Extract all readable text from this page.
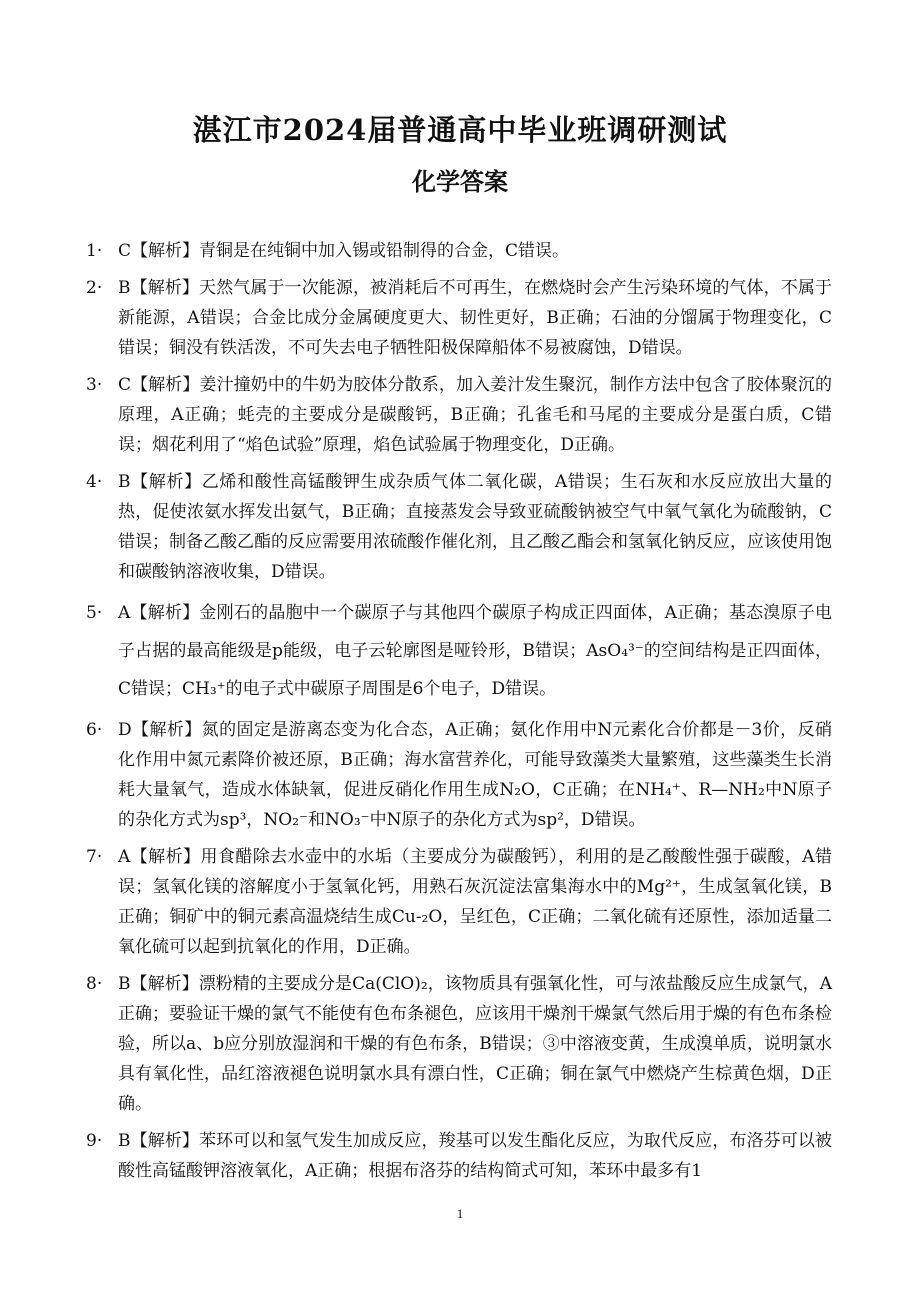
湛江市2024届普通高中毕业班调研测试
化学答案
1· C【解析】青铜是在纯铜中加入锡或铅制得的合金，C错误。
2· B【解析】天然气属于一次能源，被消耗后不可再生，在燃烧时会产生污染环境的气体，不属于新能源，A错误；合金比成分金属硬度更大、韧性更好，B正确；石油的分馏属于物理变化，C错误；铜没有铁活泼，不可失去电子牺牲阳极保障船体不易被腐蚀，D错误。
3· C【解析】姜汁撞奶中的牛奶为胶体分散系，加入姜汁发生聚沉，制作方法中包含了胶体聚沉的原理，A正确；蚝壳的主要成分是碳酸钙，B正确；孔雀毛和马尾的主要成分是蛋白质，C错误；烟花利用了“焰色试验”原理，焰色试验属于物理变化，D正确。
4· B【解析】乙烯和酸性高锰酸钾生成杂质气体二氧化碳，A错误；生石灰和水反应放出大量的热，促使浓氨水挥发出氨气，B正确；直接蒸发会导致亚硫酸钠被空气中氧气氧化为硫酸钠，C错误；制备乙酸乙酯的反应需要用浓硫酸作催化剂，且乙酸乙酯会和氢氧化钠反应，应该使用饱和碳酸钠溶液收集，D错误。
5· A【解析】金刚石的晶胞中一个碳原子与其他四个碳原子构成正四面体，A正确；基态溴原子电子占据的最高能级是p能级，电子云轮廓图是哑铃形，B错误；AsO₄³⁻的空间结构是正四面体，C错误；CH₃⁺的电子式中碳原子周围是6个电子，D错误。
6· D【解析】氮的固定是游离态变为化合态，A正确；氨化作用中N元素化合价都是－3价，反硝化作用中氮元素降价被还原，B正确；海水富营养化，可能导致藻类大量繁殖，这些藻类生长消耗大量氧气，造成水体缺氧，促进反硝化作用生成N₂O，C正确；在NH₄⁺、R—NH₂中N原子的杂化方式为sp³，NO₂⁻和NO₃⁻中N原子的杂化方式为sp²，D错误。
7· A【解析】用食醋除去水壶中的水垢（主要成分为碳酸钙），利用的是乙酸酸性强于碳酸，A错误；氢氧化镁的溶解度小于氢氧化钙，用熟石灰沉淀法富集海水中的Mg²⁺，生成氢氧化镁，B正确；铜矿中的铜元素高温烧结生成Cu-₂O，呈红色，C正确；二氧化硫有还原性，添加适量二氧化硫可以起到抗氧化的作用，D正确。
8· B【解析】漂粉精的主要成分是Ca(ClO)₂，该物质具有强氧化性，可与浓盐酸反应生成氯气，A正确；要验证干燥的氯气不能使有色布条褪色，应该用干燥剂干燥氯气然后用于燥的有色布条检验，所以a、b应分别放湿润和干燥的有色布条，B错误；③中溶液变黄，生成溴单质，说明氯水具有氧化性，品红溶液褪色说明氯水具有漂白性，C正确；铜在氯气中燃烧产生棕黄色烟，D正确。
9· B【解析】苯环可以和氢气发生加成反应，羧基可以发生酯化反应，为取代反应，布洛芬可以被酸性高锰酸钾溶液氧化，A正确；根据布洛芬的结构简式可知，苯环中最多有1
1
